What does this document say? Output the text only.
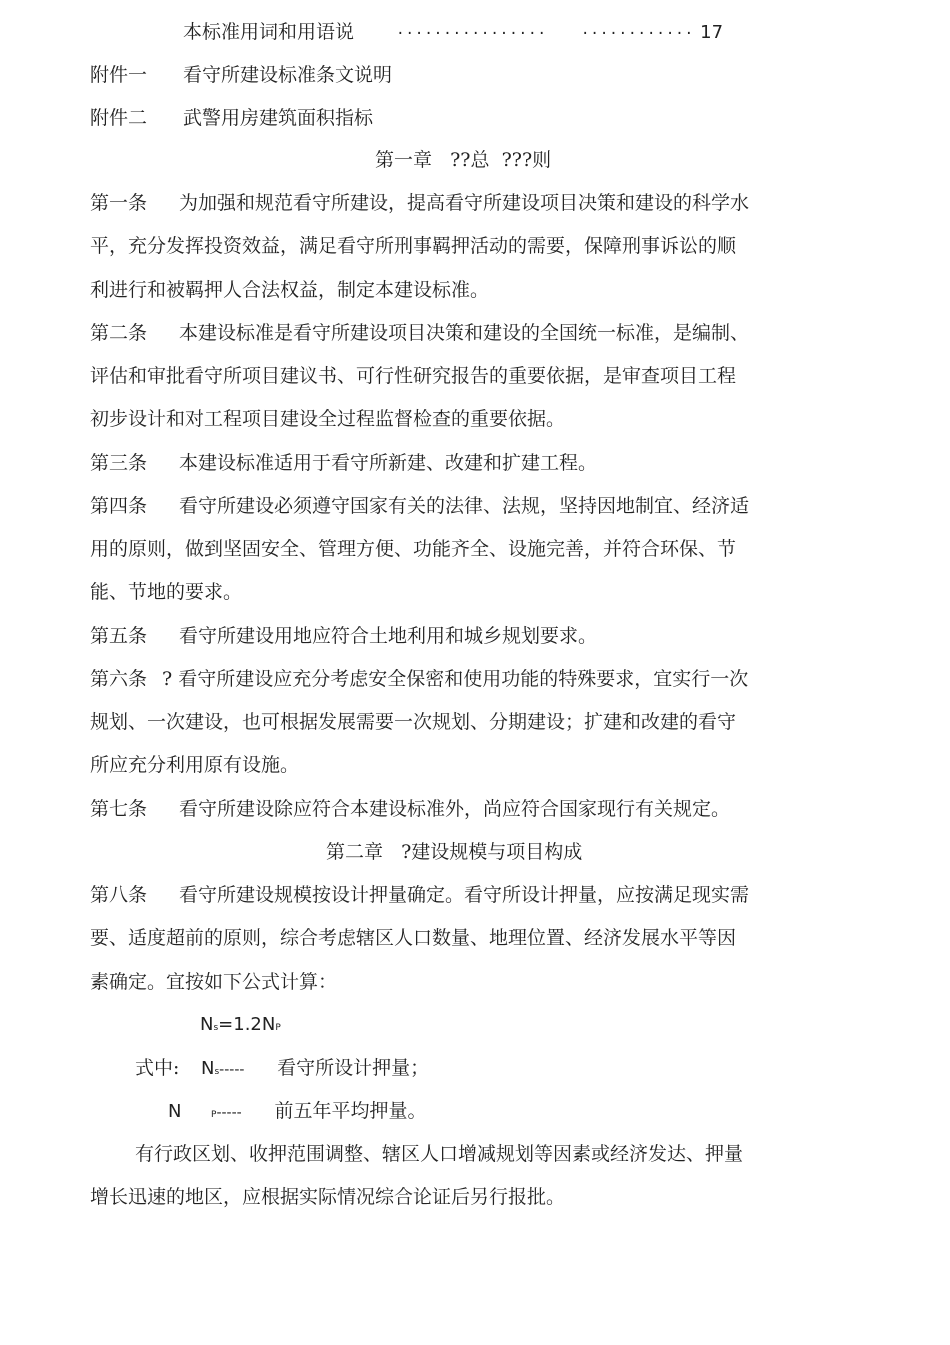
本标准用词和用语说	················ ············ 17
附件一 看守所建设标准条文说明
附件二 武警用房建筑面积指标
第一章   ??总  ???则
第一条 为加强和规范看守所建设，提高看守所建设项目决策和建设的科学水
平，充分发挥投资效益，满足看守所刑事羁押活动的需要，保障刑事诉讼的顺
利进行和被羁押人合法权益，制定本建设标准。
第二条 本建设标准是看守所建设项目决策和建设的全国统一标准，是编制、
评估和审批看守所项目建议书、可行性研究报告的重要依据，是审查项目工程
初步设计和对工程项目建设全过程监督检查的重要依据。
第三条 本建设标准适用于看守所新建、改建和扩建工程。
第四条 看守所建设必须遵守国家有关的法律、法规，坚持因地制宜、经济适
用的原则，做到坚固安全、管理方便、功能齐全、设施完善，并符合环保、节
能、节地的要求。
第五条 看守所建设用地应符合土地利用和城乡规划要求。
第六条 ? 看守所建设应充分考虑安全保密和使用功能的特殊要求，宜实行一次
规划、一次建设，也可根据发展需要一次规划、分期建设；扩建和改建的看守
所应充分利用原有设施。
第七条 看守所建设除应符合本建设标准外，尚应符合国家现行有关规定。
第二章   ?建设规模与项目构成
第八条 看守所建设规模按设计押量确定。看守所设计押量，应按满足现实需
要、适度超前的原则，综合考虑辖区人口数量、地理位置、经济发展水平等因
素确定。宜按如下公式计算：
Ns=1.2NP
式中: Ns----- 看守所设计押量；
N	P----- 前五年平均押量。
有行政区划、收押范围调整、辖区人口增减规划等因素或经济发达、押量
增长迅速的地区，应根据实际情况综合论证后另行报批。
